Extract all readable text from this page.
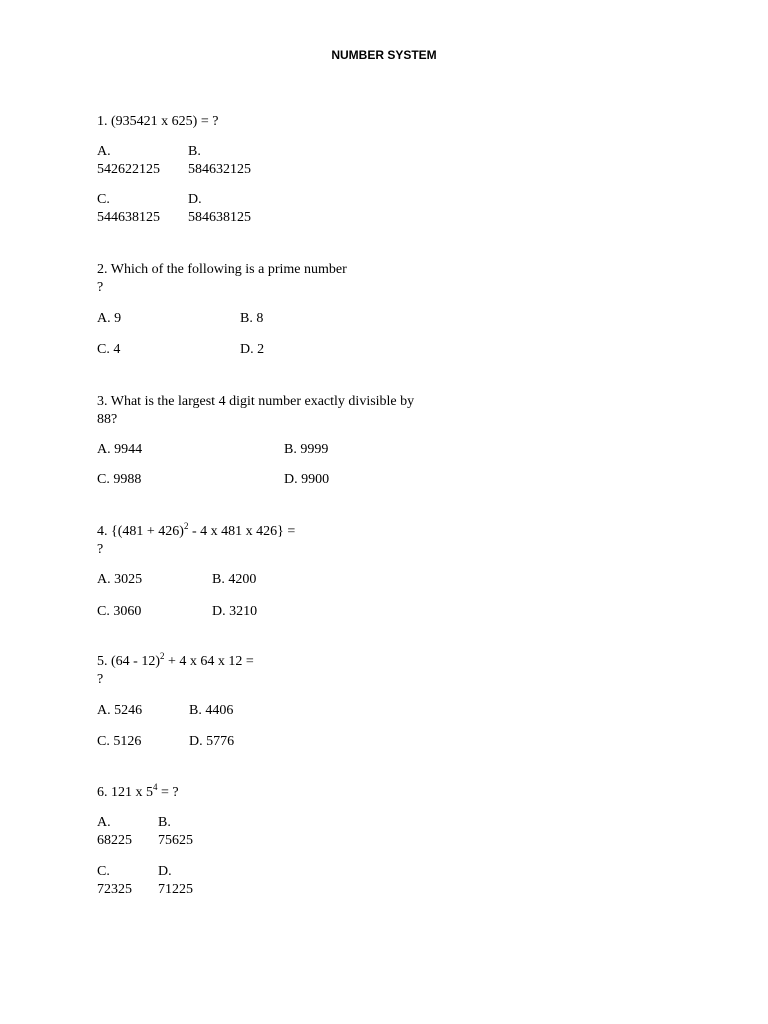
NUMBER SYSTEM
1. (935421 x 625) = ?
A.
542622125
B.
584632125
C.
544638125
D.
584638125
2. Which of the following is a prime number
?
A. 9	B. 8
C. 4	D. 2
3. What is the largest 4 digit number exactly divisible by
88?
A. 9944	B. 9999
C. 9988	D. 9900
4. {$(481 + 426)^2 - 4$ x 481 x 426} =
?
A. 3025	B. 4200
C. 3060	D. 3210
5. (64 - 12)$^2$ + 4 x 64 x 12 =
?
A. 5246	B. 4406
C. 5126	D. 5776
6. 121 x $5^4$ = ?
A.
68225
B.
75625
C.
72325
D.
71225
